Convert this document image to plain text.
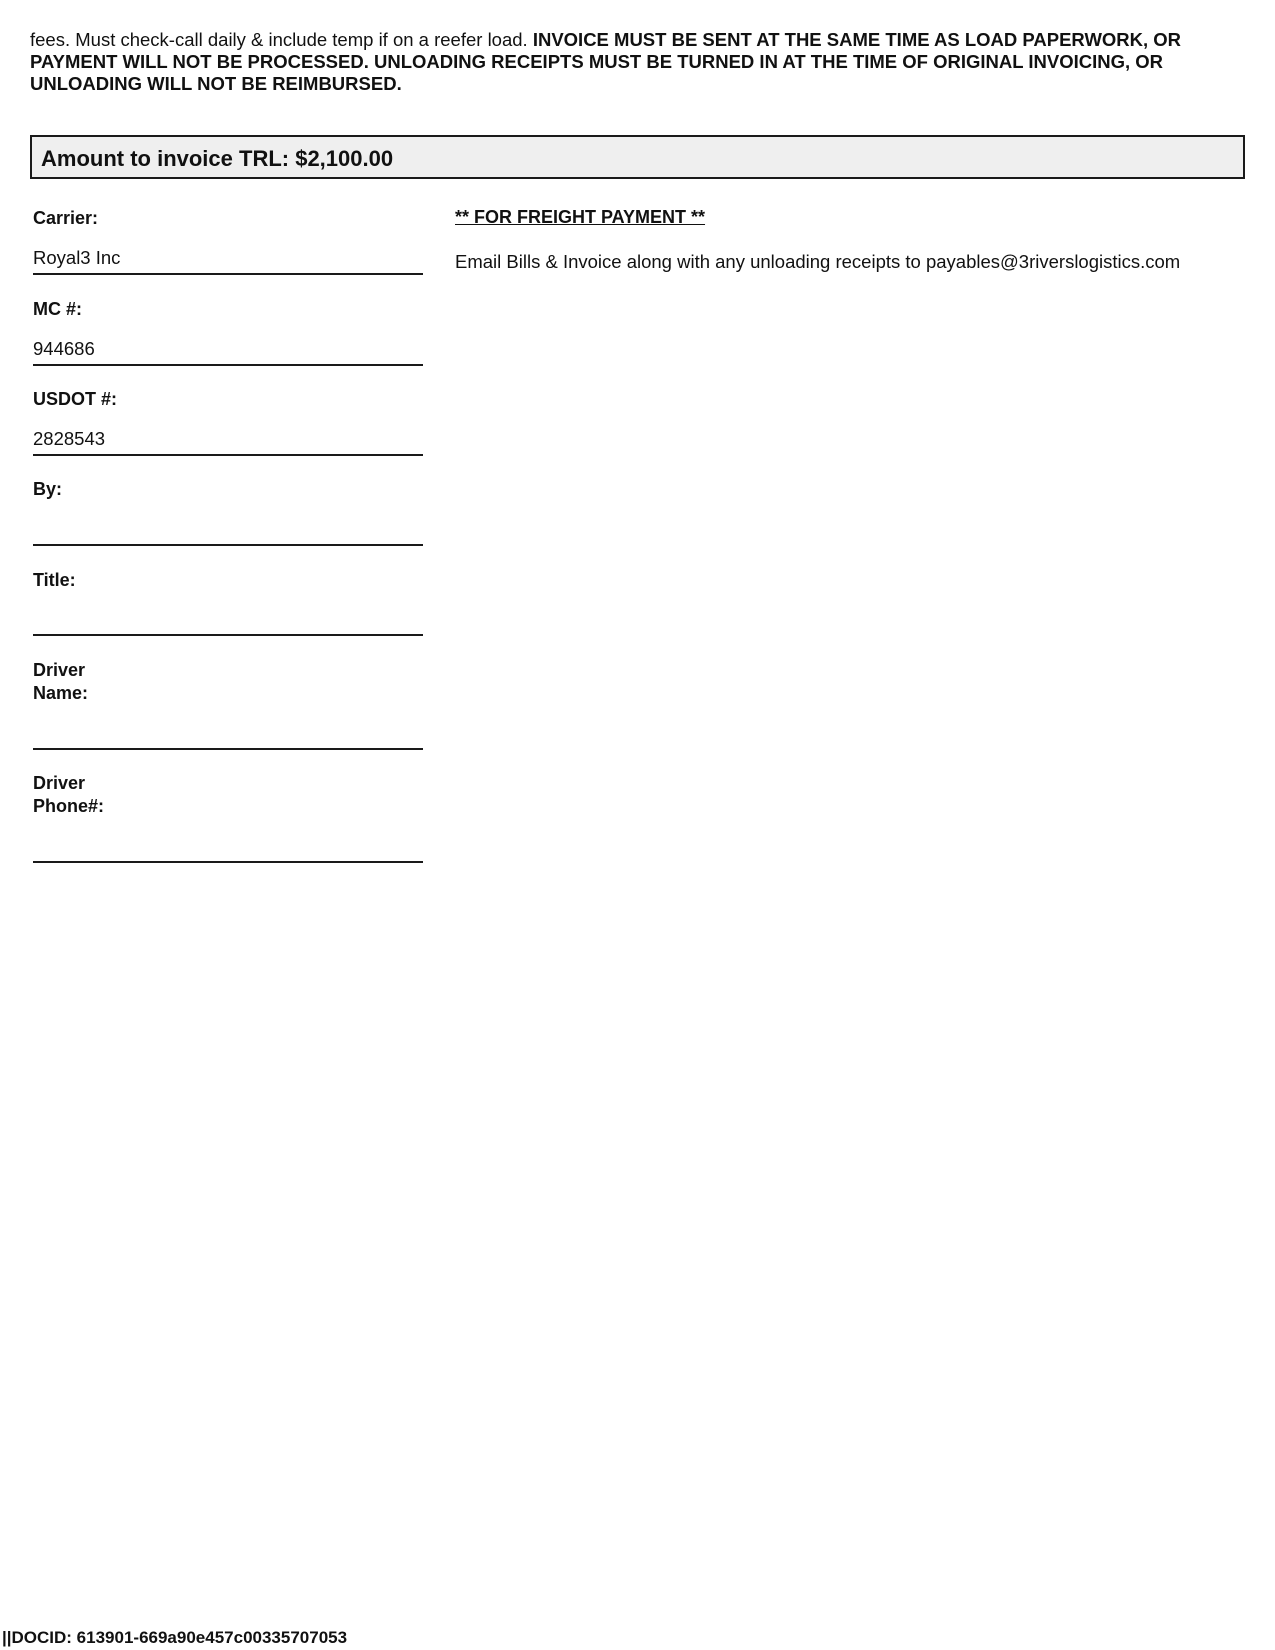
fees. Must check-call daily & include temp if on a reefer load. INVOICE MUST BE SENT AT THE SAME TIME AS LOAD PAPERWORK, OR PAYMENT WILL NOT BE PROCESSED. UNLOADING RECEIPTS MUST BE TURNED IN AT THE TIME OF ORIGINAL INVOICING, OR UNLOADING WILL NOT BE REIMBURSED.
Amount to invoice TRL: $2,100.00
Carrier:
Royal3 Inc
MC #:
944686
USDOT #:
2828543
By:
Title:
Driver
Name:
Driver
Phone#:
** FOR FREIGHT PAYMENT **
Email Bills & Invoice along with any unloading receipts to payables@3riverslogistics.com
||DOCID: 613901-669a90e457c00335707053
